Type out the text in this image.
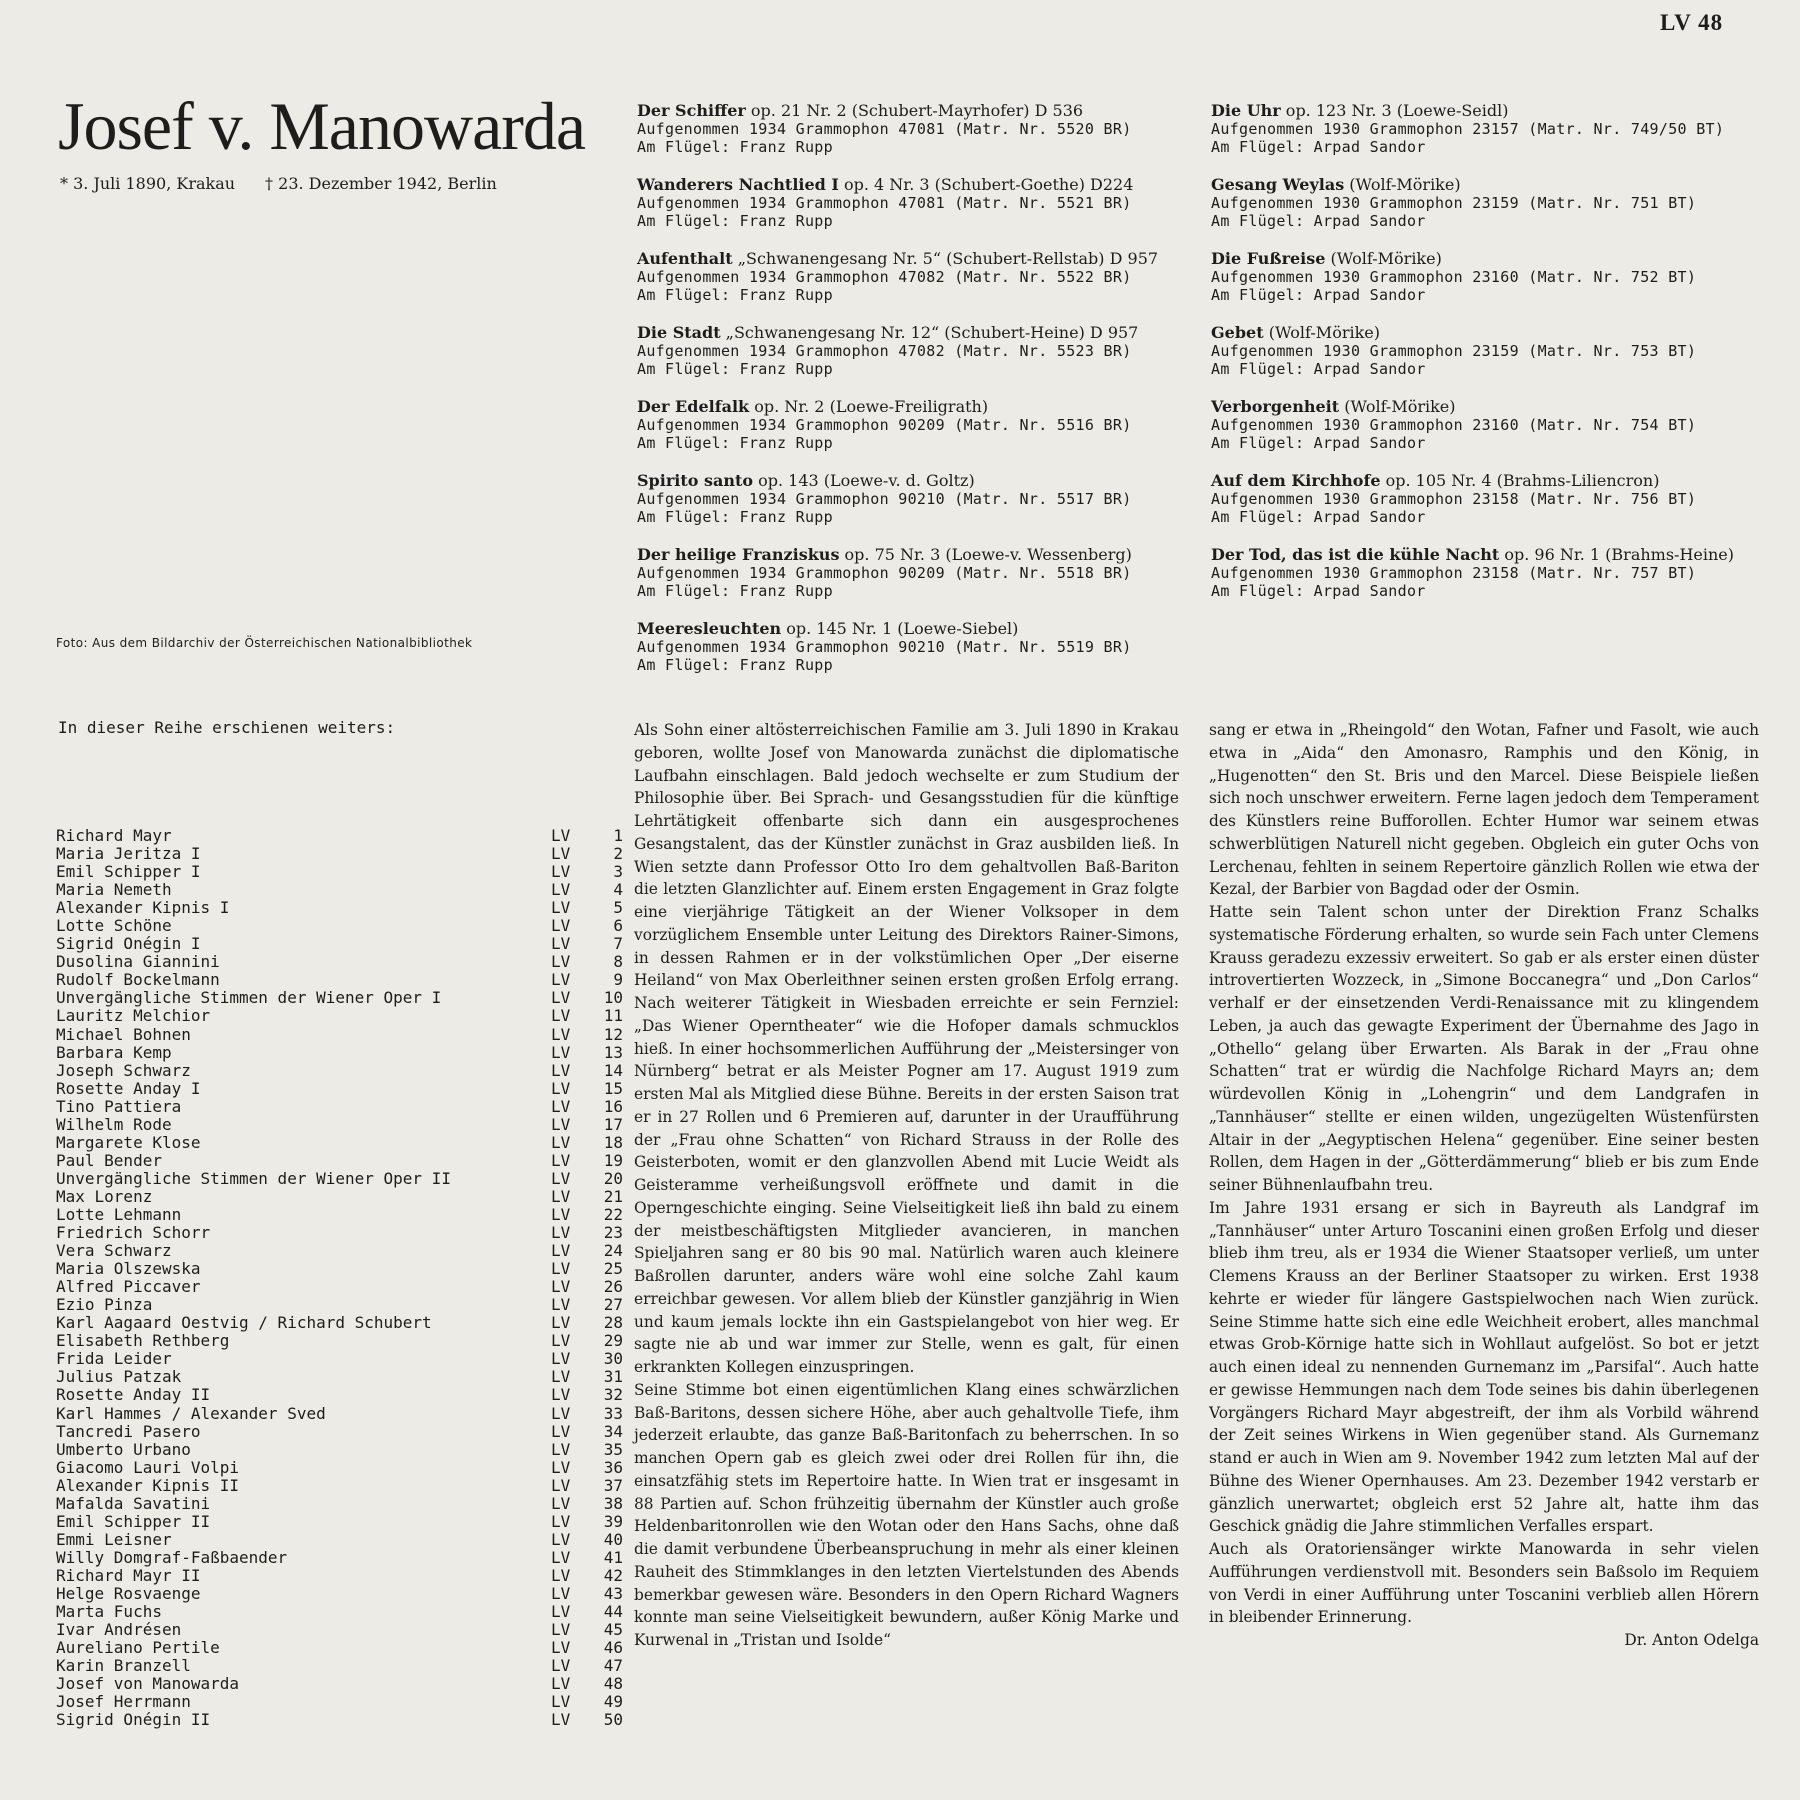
LV 48
Josef v. Manowarda
* 3. Juli 1890, Krakau † 23. Dezember 1942, Berlin
Foto: Aus dem Bildarchiv der Österreichischen Nationalbibliothek
Der Schiffer op. 21 Nr. 2 (Schubert-Mayrhofer) D 536
Aufgenommen 1934 Grammophon 47081 (Matr. Nr. 5520 BR)
Am Flügel: Franz Rupp
Wanderers Nachtlied I op. 4 Nr. 3 (Schubert-Goethe) D224
Aufgenommen 1934 Grammophon 47081 (Matr. Nr. 5521 BR)
Am Flügel: Franz Rupp
Aufenthalt „Schwanengesang Nr. 5“ (Schubert-Rellstab) D 957
Aufgenommen 1934 Grammophon 47082 (Matr. Nr. 5522 BR)
Am Flügel: Franz Rupp
Die Stadt „Schwanengesang Nr. 12“ (Schubert-Heine) D 957
Aufgenommen 1934 Grammophon 47082 (Matr. Nr. 5523 BR)
Am Flügel: Franz Rupp
Der Edelfalk op. Nr. 2 (Loewe-Freiligrath)
Aufgenommen 1934 Grammophon 90209 (Matr. Nr. 5516 BR)
Am Flügel: Franz Rupp
Spirito santo op. 143 (Loewe-v. d. Goltz)
Aufgenommen 1934 Grammophon 90210 (Matr. Nr. 5517 BR)
Am Flügel: Franz Rupp
Der heilige Franziskus op. 75 Nr. 3 (Loewe-v. Wessenberg)
Aufgenommen 1934 Grammophon 90209 (Matr. Nr. 5518 BR)
Am Flügel: Franz Rupp
Meeresleuchten op. 145 Nr. 1 (Loewe-Siebel)
Aufgenommen 1934 Grammophon 90210 (Matr. Nr. 5519 BR)
Am Flügel: Franz Rupp
Die Uhr op. 123 Nr. 3 (Loewe-Seidl)
Aufgenommen 1930 Grammophon 23157 (Matr. Nr. 749/50 BT)
Am Flügel: Arpad Sandor
Gesang Weylas (Wolf-Mörike)
Aufgenommen 1930 Grammophon 23159 (Matr. Nr. 751 BT)
Am Flügel: Arpad Sandor
Die Fußreise (Wolf-Mörike)
Aufgenommen 1930 Grammophon 23160 (Matr. Nr. 752 BT)
Am Flügel: Arpad Sandor
Gebet (Wolf-Mörike)
Aufgenommen 1930 Grammophon 23159 (Matr. Nr. 753 BT)
Am Flügel: Arpad Sandor
Verborgenheit (Wolf-Mörike)
Aufgenommen 1930 Grammophon 23160 (Matr. Nr. 754 BT)
Am Flügel: Arpad Sandor
Auf dem Kirchhofe op. 105 Nr. 4 (Brahms-Liliencron)
Aufgenommen 1930 Grammophon 23158 (Matr. Nr. 756 BT)
Am Flügel: Arpad Sandor
Der Tod, das ist die kühle Nacht op. 96 Nr. 1 (Brahms-Heine)
Aufgenommen 1930 Grammophon 23158 (Matr. Nr. 757 BT)
Am Flügel: Arpad Sandor
In dieser Reihe erschienen weiters:
Richard Mayr	LV	1
Maria Jeritza I	LV	2
Emil Schipper I	LV	3
Maria Nemeth	LV	4
Alexander Kipnis I	LV	5
Lotte Schöne	LV	6
Sigrid Onégin I	LV	7
Dusolina Giannini	LV	8
Rudolf Bockelmann	LV	9
Unvergängliche Stimmen der Wiener Oper I	LV	10
Lauritz Melchior	LV	11
Michael Bohnen	LV	12
Barbara Kemp	LV	13
Joseph Schwarz	LV	14
Rosette Anday I	LV	15
Tino Pattiera	LV	16
Wilhelm Rode	LV	17
Margarete Klose	LV	18
Paul Bender	LV	19
Unvergängliche Stimmen der Wiener Oper II	LV	20
Max Lorenz	LV	21
Lotte Lehmann	LV	22
Friedrich Schorr	LV	23
Vera Schwarz	LV	24
Maria Olszewska	LV	25
Alfred Piccaver	LV	26
Ezio Pinza	LV	27
Karl Aagaard Oestvig / Richard Schubert	LV	28
Elisabeth Rethberg	LV	29
Frida Leider	LV	30
Julius Patzak	LV	31
Rosette Anday II	LV	32
Karl Hammes / Alexander Sved	LV	33
Tancredi Pasero	LV	34
Umberto Urbano	LV	35
Giacomo Lauri Volpi	LV	36
Alexander Kipnis II	LV	37
Mafalda Savatini	LV	38
Emil Schipper II	LV	39
Emmi Leisner	LV	40
Willy Domgraf-Faßbaender	LV	41
Richard Mayr II	LV	42
Helge Rosvaenge	LV	43
Marta Fuchs	LV	44
Ivar Andrésen	LV	45
Aureliano Pertile	LV	46
Karin Branzell	LV	47
Josef von Manowarda	LV	48
Josef Herrmann	LV	49
Sigrid Onégin II	LV	50

Als Sohn einer altösterreichischen Familie am 3. Juli 1890 in Krakau geboren, wollte Josef von Manowarda zunächst die diplomatische Laufbahn einschlagen. Bald jedoch wechselte er zum Studium der Philosophie über. Bei Sprach- und Gesangsstudien für die künftige Lehrtätigkeit offenbarte sich dann ein ausgesprochenes Gesangstalent, das der Künstler zunächst in Graz ausbilden ließ. In Wien setzte dann Professor Otto Iro dem gehaltvollen Baß-Bariton die letzten Glanzlichter auf. Einem ersten Engagement in Graz folgte eine vierjährige Tätigkeit an der Wiener Volksoper in dem vorzüglichem Ensemble unter Leitung des Direktors Rainer-Simons, in dessen Rahmen er in der volkstümlichen Oper „Der eiserne Heiland“ von Max Oberleithner seinen ersten großen Erfolg errang. Nach weiterer Tätigkeit in Wiesbaden erreichte er sein Fernziel: „Das Wiener Operntheater“ wie die Hofoper damals schmucklos hieß. In einer hochsommerlichen Aufführung der „Meistersinger von Nürnberg“ betrat er als Meister Pogner am 17. August 1919 zum ersten Mal als Mitglied diese Bühne. Bereits in der ersten Saison trat er in 27 Rollen und 6 Premieren auf, darunter in der Uraufführung der „Frau ohne Schatten“ von Richard Strauss in der Rolle des Geisterboten, womit er den glanzvollen Abend mit Lucie Weidt als Geisteramme verheißungsvoll eröffnete und damit in die Operngeschichte einging. Seine Vielseitigkeit ließ ihn bald zu einem der meistbeschäftigsten Mitglieder avancieren, in manchen Spieljahren sang er 80 bis 90 mal. Natürlich waren auch kleinere Baßrollen darunter, anders wäre wohl eine solche Zahl kaum erreichbar gewesen. Vor allem blieb der Künstler ganzjährig in Wien und kaum jemals lockte ihn ein Gastspielangebot von hier weg. Er sagte nie ab und war immer zur Stelle, wenn es galt, für einen erkrankten Kollegen einzuspringen.

Seine Stimme bot einen eigentümlichen Klang eines schwärzlichen Baß-Baritons, dessen sichere Höhe, aber auch gehaltvolle Tiefe, ihm jederzeit erlaubte, das ganze Baß-Baritonfach zu beherrschen. In so manchen Opern gab es gleich zwei oder drei Rollen für ihn, die einsatzfähig stets im Repertoire hatte. In Wien trat er insgesamt in 88 Partien auf. Schon frühzeitig übernahm der Künstler auch große Heldenbaritonrollen wie den Wotan oder den Hans Sachs, ohne daß die damit verbundene Überbeanspruchung in mehr als einer kleinen Rauheit des Stimmklanges in den letzten Viertelstunden des Abends bemerkbar gewesen wäre. Besonders in den Opern Richard Wagners konnte man seine Vielseitigkeit bewundern, außer König Marke und Kurwenal in „Tristan und Isolde“

sang er etwa in „Rheingold“ den Wotan, Fafner und Fasolt, wie auch etwa in „Aida“ den Amonasro, Ramphis und den König, in „Hugenotten“ den St. Bris und den Marcel. Diese Beispiele ließen sich noch unschwer erweitern. Ferne lagen jedoch dem Temperament des Künstlers reine Bufforollen. Echter Humor war seinem etwas schwerblütigen Naturell nicht gegeben. Obgleich ein guter Ochs von Lerchenau, fehlten in seinem Repertoire gänzlich Rollen wie etwa der Kezal, der Barbier von Bagdad oder der Osmin.

Hatte sein Talent schon unter der Direktion Franz Schalks systematische Förderung erhalten, so wurde sein Fach unter Clemens Krauss geradezu exzessiv erweitert. So gab er als erster einen düster introvertierten Wozzeck, in „Simone Boccanegra“ und „Don Carlos“ verhalf er der einsetzenden Verdi-Renaissance mit zu klingendem Leben, ja auch das gewagte Experiment der Übernahme des Jago in „Othello“ gelang über Erwarten. Als Barak in der „Frau ohne Schatten“ trat er würdig die Nachfolge Richard Mayrs an; dem würdevollen König in „Lohengrin“ und dem Landgrafen in „Tannhäuser“ stellte er einen wilden, ungezügelten Wüstenfürsten Altair in der „Aegyptischen Helena“ gegenüber. Eine seiner besten Rollen, dem Hagen in der „Götterdämmerung“ blieb er bis zum Ende seiner Bühnenlaufbahn treu.

Im Jahre 1931 ersang er sich in Bayreuth als Landgraf im „Tannhäuser“ unter Arturo Toscanini einen großen Erfolg und dieser blieb ihm treu, als er 1934 die Wiener Staatsoper verließ, um unter Clemens Krauss an der Berliner Staatsoper zu wirken. Erst 1938 kehrte er wieder für längere Gastspielwochen nach Wien zurück. Seine Stimme hatte sich eine edle Weichheit erobert, alles manchmal etwas Grob-Körnige hatte sich in Wohllaut aufgelöst. So bot er jetzt auch einen ideal zu nennenden Gurnemanz im „Parsifal“. Auch hatte er gewisse Hemmungen nach dem Tode seines bis dahin überlegenen Vorgängers Richard Mayr abgestreift, der ihm als Vorbild während der Zeit seines Wirkens in Wien gegenüber stand. Als Gurnemanz stand er auch in Wien am 9. November 1942 zum letzten Mal auf der Bühne des Wiener Opernhauses. Am 23. Dezember 1942 verstarb er gänzlich unerwartet; obgleich erst 52 Jahre alt, hatte ihm das Geschick gnädig die Jahre stimmlichen Verfalles erspart.

Auch als Oratoriensänger wirkte Manowarda in sehr vielen Aufführungen verdienstvoll mit. Besonders sein Baßsolo im Requiem von Verdi in einer Aufführung unter Toscanini verblieb allen Hörern in bleibender Erinnerung.

Dr. Anton Odelga
